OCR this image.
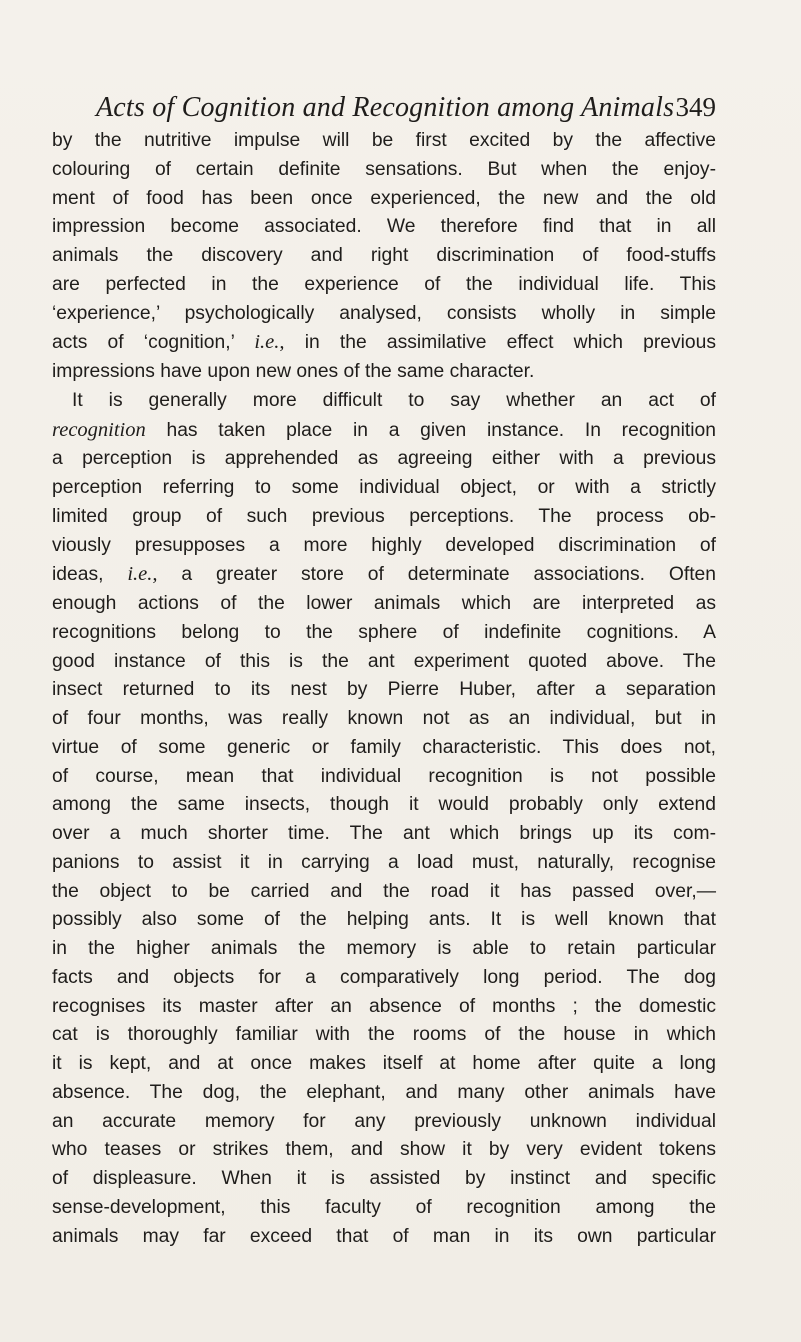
Acts of Cognition and Recognition among Animals 349
by the nutritive impulse will be first excited by the affective
colouring of certain definite sensations. But when the enjoy-
ment of food has been once experienced, the new and the old
impression become associated. We therefore find that in all
animals the discovery and right discrimination of food-stuffs
are perfected in the experience of the individual life. This
‘experience,’ psychologically analysed, consists wholly in simple
acts of ‘cognition,’ i.e., in the assimilative effect which previous
impressions have upon new ones of the same character.
It is generally more difficult to say whether an act of
recognition has taken place in a given instance. In recognition
a perception is apprehended as agreeing either with a previous
perception referring to some individual object, or with a strictly
limited group of such previous perceptions. The process ob-
viously presupposes a more highly developed discrimination of
ideas, i.e., a greater store of determinate associations. Often
enough actions of the lower animals which are interpreted as
recognitions belong to the sphere of indefinite cognitions. A
good instance of this is the ant experiment quoted above. The
insect returned to its nest by Pierre Huber, after a separation
of four months, was really known not as an individual, but in
virtue of some generic or family characteristic. This does not,
of course, mean that individual recognition is not possible
among the same insects, though it would probably only extend
over a much shorter time. The ant which brings up its com-
panions to assist it in carrying a load must, naturally, recognise
the object to be carried and the road it has passed over,—
possibly also some of the helping ants. It is well known that
in the higher animals the memory is able to retain particular
facts and objects for a comparatively long period. The dog
recognises its master after an absence of months ; the domestic
cat is thoroughly familiar with the rooms of the house in which
it is kept, and at once makes itself at home after quite a long
absence. The dog, the elephant, and many other animals have
an accurate memory for any previously unknown individual
who teases or strikes them, and show it by very evident tokens
of displeasure. When it is assisted by instinct and specific
sense-development, this faculty of recognition among the
animals may far exceed that of man in its own particular
